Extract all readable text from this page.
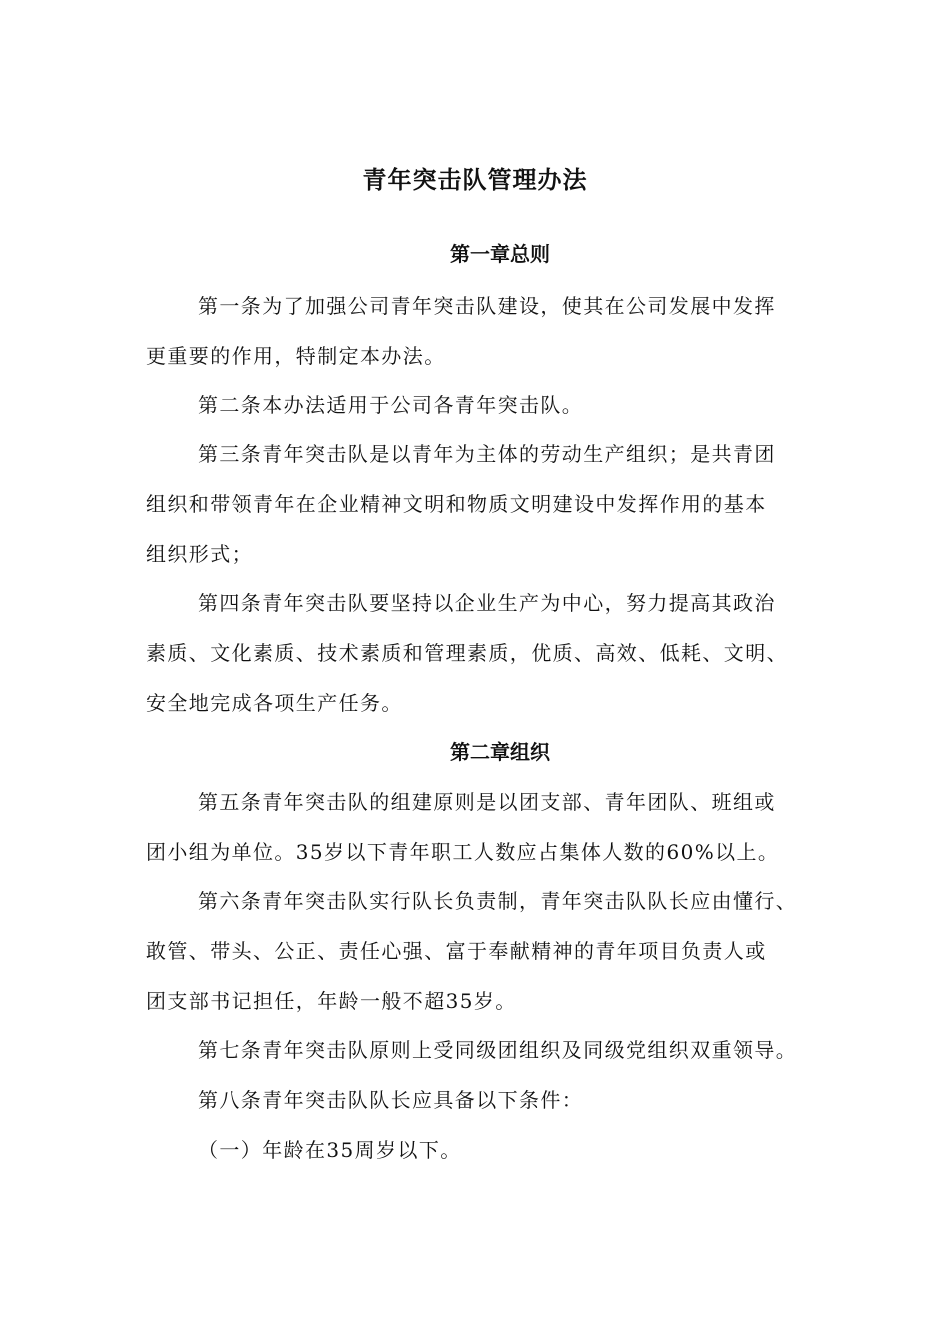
青年突击队管理办法
第一章总则
第一条为了加强公司青年突击队建设，使其在公司发展中发挥
更重要的作用，特制定本办法。
第二条本办法适用于公司各青年突击队。
第三条青年突击队是以青年为主体的劳动生产组织；是共青团
组织和带领青年在企业精神文明和物质文明建设中发挥作用的基本
组织形式；
第四条青年突击队要坚持以企业生产为中心，努力提高其政治
素质、文化素质、技术素质和管理素质，优质、高效、低耗、文明、
安全地完成各项生产任务。
第二章组织
第五条青年突击队的组建原则是以团支部、青年团队、班组或
团小组为单位。35岁以下青年职工人数应占集体人数的60%以上。
第六条青年突击队实行队长负责制，青年突击队队长应由懂行、
敢管、带头、公正、责任心强、富于奉献精神的青年项目负责人或
团支部书记担任，年龄一般不超35岁。
第七条青年突击队原则上受同级团组织及同级党组织双重领导。
第八条青年突击队队长应具备以下条件：
（一）年龄在35周岁以下。
